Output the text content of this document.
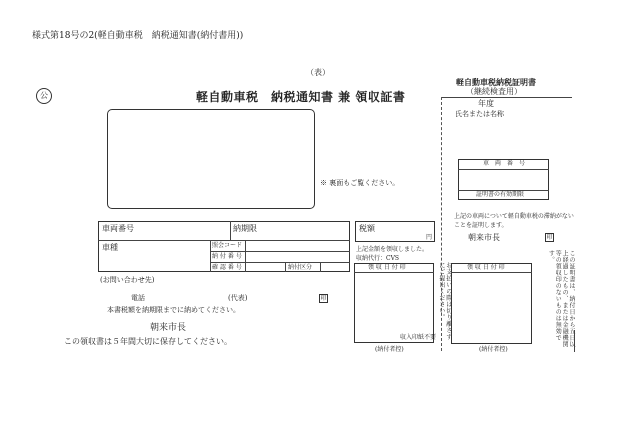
様式第18号の2(軽自動車税　納税通知書(納付書用))
（表）
公	軽自動車税　納税通知書 兼 領収証書
※ 裏面もご覧ください。
車両番号	納期限
車種	照会コード
納 付 番 号
確 認 番 号	納付区分
税額
円
上記金額を領収しました。
収納代行：CVS
(お問い合わせ先)
電話	(代表)	印
本書税額を納期限までに納めてください。
朝来市長
この領収書は５年間大切に保存してください。
領 収 日 付 印
収入印紙不要
(納付者控)
お支払いの際は切り離さずにご提出ください。
軽自動車税納税証明書
（継続検査用）
年度
氏名または名称
車　両　番　号
証明書の有効期限
上記の車両について軽自動車税の滞納がないことを証明します。
朝来市長	印
領 収 日 付 印
(納付者控)
この証明書は、納付日から五日以上経過したもの、または金融機関等の領収印のないものは無効です。
